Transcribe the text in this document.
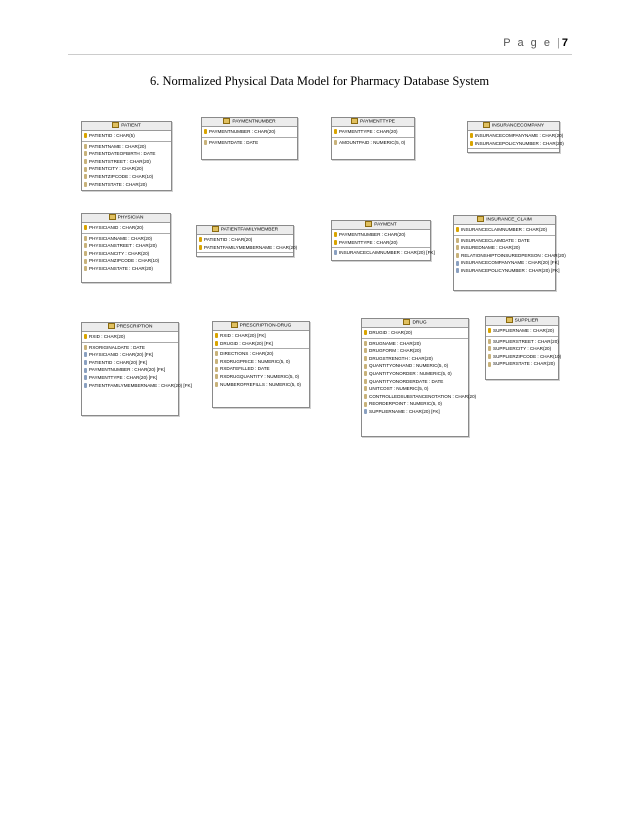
P a g e |7
6. Normalized Physical Data Model for Pharmacy Database System
PATIENT
PATIENTID : CHAR(5)
PATIENTNAME : CHAR(20)
PATIENTDATEOFBIRTH : DATE
PATIENTSTREET : CHAR(20)
PATIENTCITY : CHAR(20)
PATIENTZIPCODE : CHAR(10)
PATIENTSTATE : CHAR(20)
PAYMENTNUMBER
PAYMENTNUMBER : CHAR(20)
PAYMENTDATE : DATE
PAYMENTTYPE
PAYMENTTYPE : CHAR(20)
AMOUNTPAID : NUMERIC(5, 0)
INSURANCECOMPANY
INSURANCECOMPANYNAME : CHAR(20)
INSURANCEPOLICYNUMBER : CHAR(20)
PHYSICIAN
PHYSICIANID : CHAR(20)
PHYSICIANNAME : CHAR(20)
PHYSICIANSTREET : CHAR(20)
PHYSICIANCITY : CHAR(20)
PHYSICIANZIPCODE : CHAR(10)
PHYSICIANSTATE : CHAR(20)
PATIENTFAMILYMEMBER
PATIENTID : CHAR(20)
PATIENTFAMILYMEMBERNAME : CHAR(20)
PAYMENT
PAYMENTNUMBER : CHAR(20)
PAYMENTTYPE : CHAR(20)
INSURANCECLAIMNUMBER : CHAR(20) [FK]
INSURANCE_CLAIM
INSURANCECLAIMNUMBER : CHAR(20)
INSURANCECLAIMDATE : DATE
INSUREDNAME : CHAR(20)
RELATIONSHIPTOINSUREDPERSON : CHAR(20)
INSURANCECOMPANYNAME : CHAR(20) [FK]
INSURANCEPOLICYNUMBER : CHAR(20) [FK]
PRESCRIPTION
RXID : CHAR(20)
RXORIGINALDATE : DATE
PHYSICIANID : CHAR(20) [FK]
PATIENTID : CHAR(20) [FK]
PAYMENTNUMBER : CHAR(20) [FK]
PAYMENTTYPE : CHAR(20) [FK]
PATIENTFAMILYMEMBERNAME : CHAR(20) [FK]
PRESCRIPTION-DRUG
RXID : CHAR(20) [FK]
DRUGID : CHAR(20) [FK]
DIRECTIONS : CHAR(20)
RXDRUGPRICE : NUMERIC(5, 0)
RXDATEFILLED : DATE
RXDRUGQUANTITY : NUMERIC(5, 0)
NUMBEROFREFILLS : NUMERIC(5, 0)
DRUG
DRUGID : CHAR(20)
DRUGNAME : CHAR(20)
DRUGFORM : CHAR(20)
DRUGSTRENGTH : CHAR(20)
QUANTITYONHAND : NUMERIC(5, 0)
QUANTITYONORDER : NUMERIC(5, 0)
QUANTITYONORDERDATE : DATE
UNITCOST : NUMERIC(5, 0)
CONTROLLEDSUBSTANCENOTATION : CHAR(20)
REORDERPOINT : NUMERIC(5, 0)
SUPPLIERNAME : CHAR(20) [FK]
SUPPLIER
SUPPLIERNAME : CHAR(20)
SUPPLIERSTREET : CHAR(20)
SUPPLIERCITY : CHAR(20)
SUPPLIERZIPCODE : CHAR(10)
SUPPLIERSTATE : CHAR(20)
